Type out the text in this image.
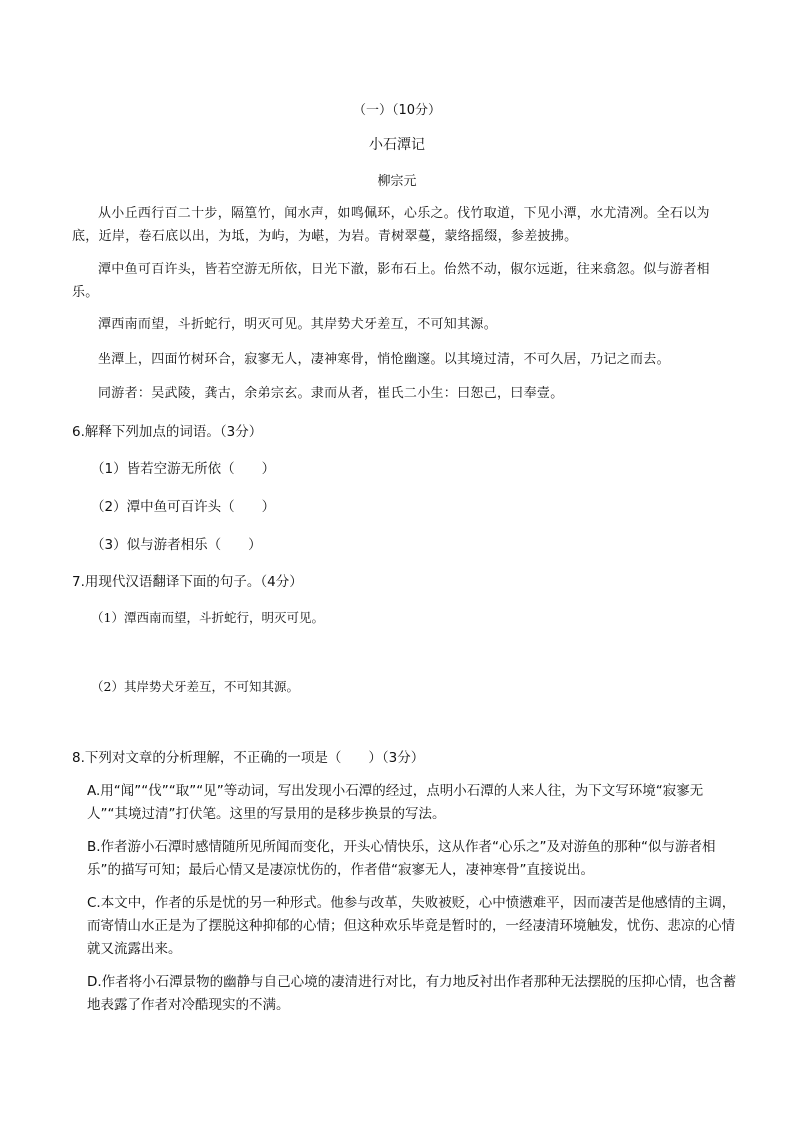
（一）（10分）
小石潭记
柳宗元

从小丘西行百二十步，隔篁竹，闻水声，如鸣佩环，心乐之。伐竹取道，下见小潭，水尤清冽。全石以为底，近岸，卷石底以出，为坻，为屿，为嵁，为岩。青树翠蔓，蒙络摇缀，参差披拂。

潭中鱼可百许头，皆若空游无所依，日光下澈，影布石上。佁然不动，俶尔远逝，往来翕忽。似与游者相乐。

潭西南而望，斗折蛇行，明灭可见。其岸势犬牙差互，不可知其源。

坐潭上，四面竹树环合，寂寥无人，凄神寒骨，悄怆幽邃。以其境过清，不可久居，乃记之而去。

同游者：吴武陵，龚古，余弟宗玄。隶而从者，崔氏二小生：曰恕己，曰奉壹。

6.解释下列加点的词语。（3分）
（1）皆若空游无所依（　　）
（2）潭中鱼可百许头（　　）
（3）似与游者相乐（　　）
7.用现代汉语翻译下面的句子。（4分）
（1）潭西南而望，斗折蛇行，明灭可见。
（2）其岸势犬牙差互，不可知其源。
8.下列对文章的分析理解，不正确的一项是（　　）（3分）

A.用“闻”“伐”“取”“见”等动词，写出发现小石潭的经过，点明小石潭的人来人往，为下文写环境“寂寥无人”“其境过清”打伏笔。这里的写景用的是移步换景的写法。

B.作者游小石潭时感情随所见所闻而变化，开头心情快乐，这从作者“心乐之”及对游鱼的那种“似与游者相乐”的描写可知；最后心情又是凄凉忧伤的，作者借“寂寥无人，凄神寒骨”直接说出。

C.本文中，作者的乐是忧的另一种形式。他参与改革，失败被贬，心中愤懑难平，因而凄苦是他感情的主调，而寄情山水正是为了摆脱这种抑郁的心情；但这种欢乐毕竟是暂时的，一经凄清环境触发，忧伤、悲凉的心情就又流露出来。

D.作者将小石潭景物的幽静与自己心境的凄清进行对比，有力地反衬出作者那种无法摆脱的压抑心情，也含蓄地表露了作者对冷酷现实的不满。
